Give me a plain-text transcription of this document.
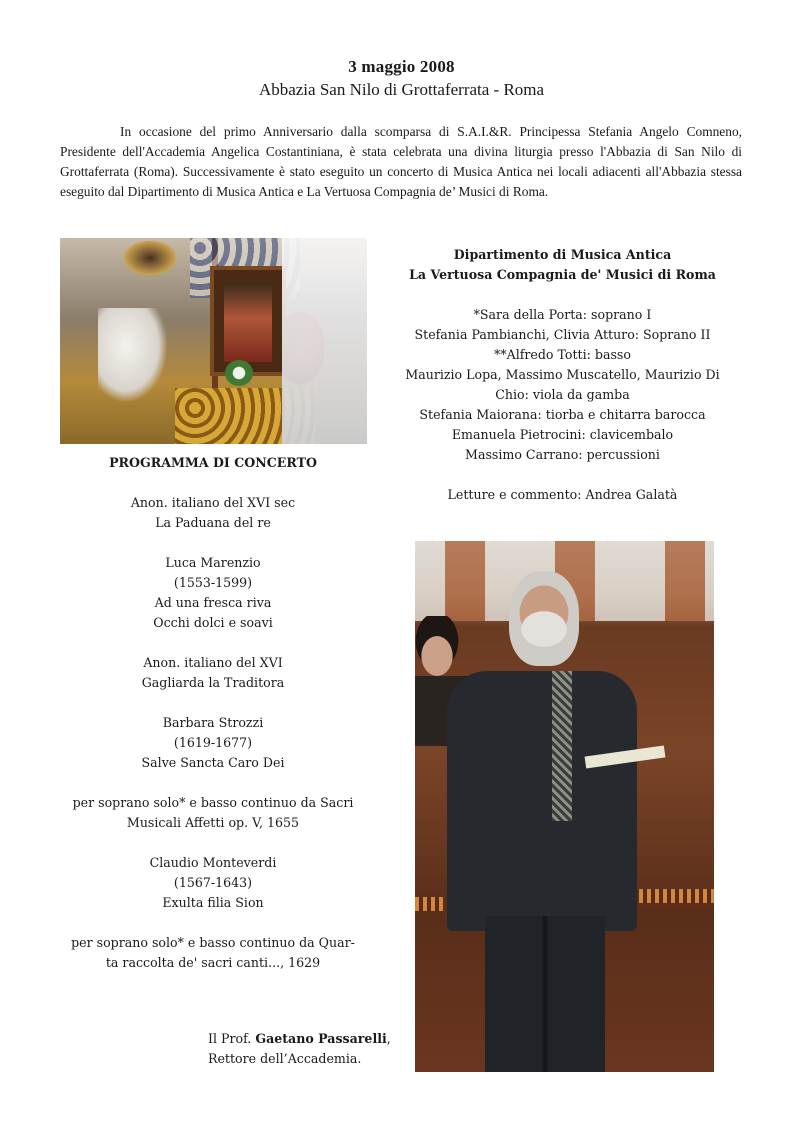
3 maggio 2008
Abbazia San Nilo di Grottaferrata - Roma

In occasione del primo Anniversario dalla scomparsa di S.A.I.&R. Principessa Stefania Angelo Comneno, Presidente dell'Accademia Angelica Costantiniana, è stata celebrata una divina liturgia presso l'Abbazia di San Nilo di Grottaferrata (Roma). Successivamente è stato eseguito un concerto di Musica Antica nei locali adiacenti all'Abbazia stessa eseguito dal Dipartimento di Musica Antica e La Vertuosa Compagnia de’ Musici di Roma.

Dipartimento di Musica Antica
La Vertuosa Compagnia de' Musici di Roma
*Sara della Porta: soprano I
Stefania Pambianchi, Clivia Atturo: Soprano II
**Alfredo Totti: basso
Maurizio Lopa, Massimo Muscatello, Maurizio Di
Chio: viola da gamba
Stefania Maiorana: tiorba e chitarra barocca
Emanuela Pietrocini: clavicembalo
Massimo Carrano: percussioni
Letture e commento: Andrea Galatà
PROGRAMMA DI CONCERTO
Anon. italiano del XVI sec
La Paduana del re
Luca Marenzio
(1553-1599)
Ad una fresca riva
Occhi dolci e soavi
Anon. italiano del XVI
Gagliarda la Traditora
Barbara Strozzi
(1619-1677)
Salve Sancta Caro Dei
per soprano solo* e basso continuo da Sacri
Musicali Affetti op. V, 1655
Claudio Monteverdi
(1567-1643)
Exulta filia Sion
per soprano solo* e basso continuo da Quar-
ta raccolta de' sacri canti..., 1629
Il Prof. Gaetano Passarelli,
Rettore dell’Accademia.
